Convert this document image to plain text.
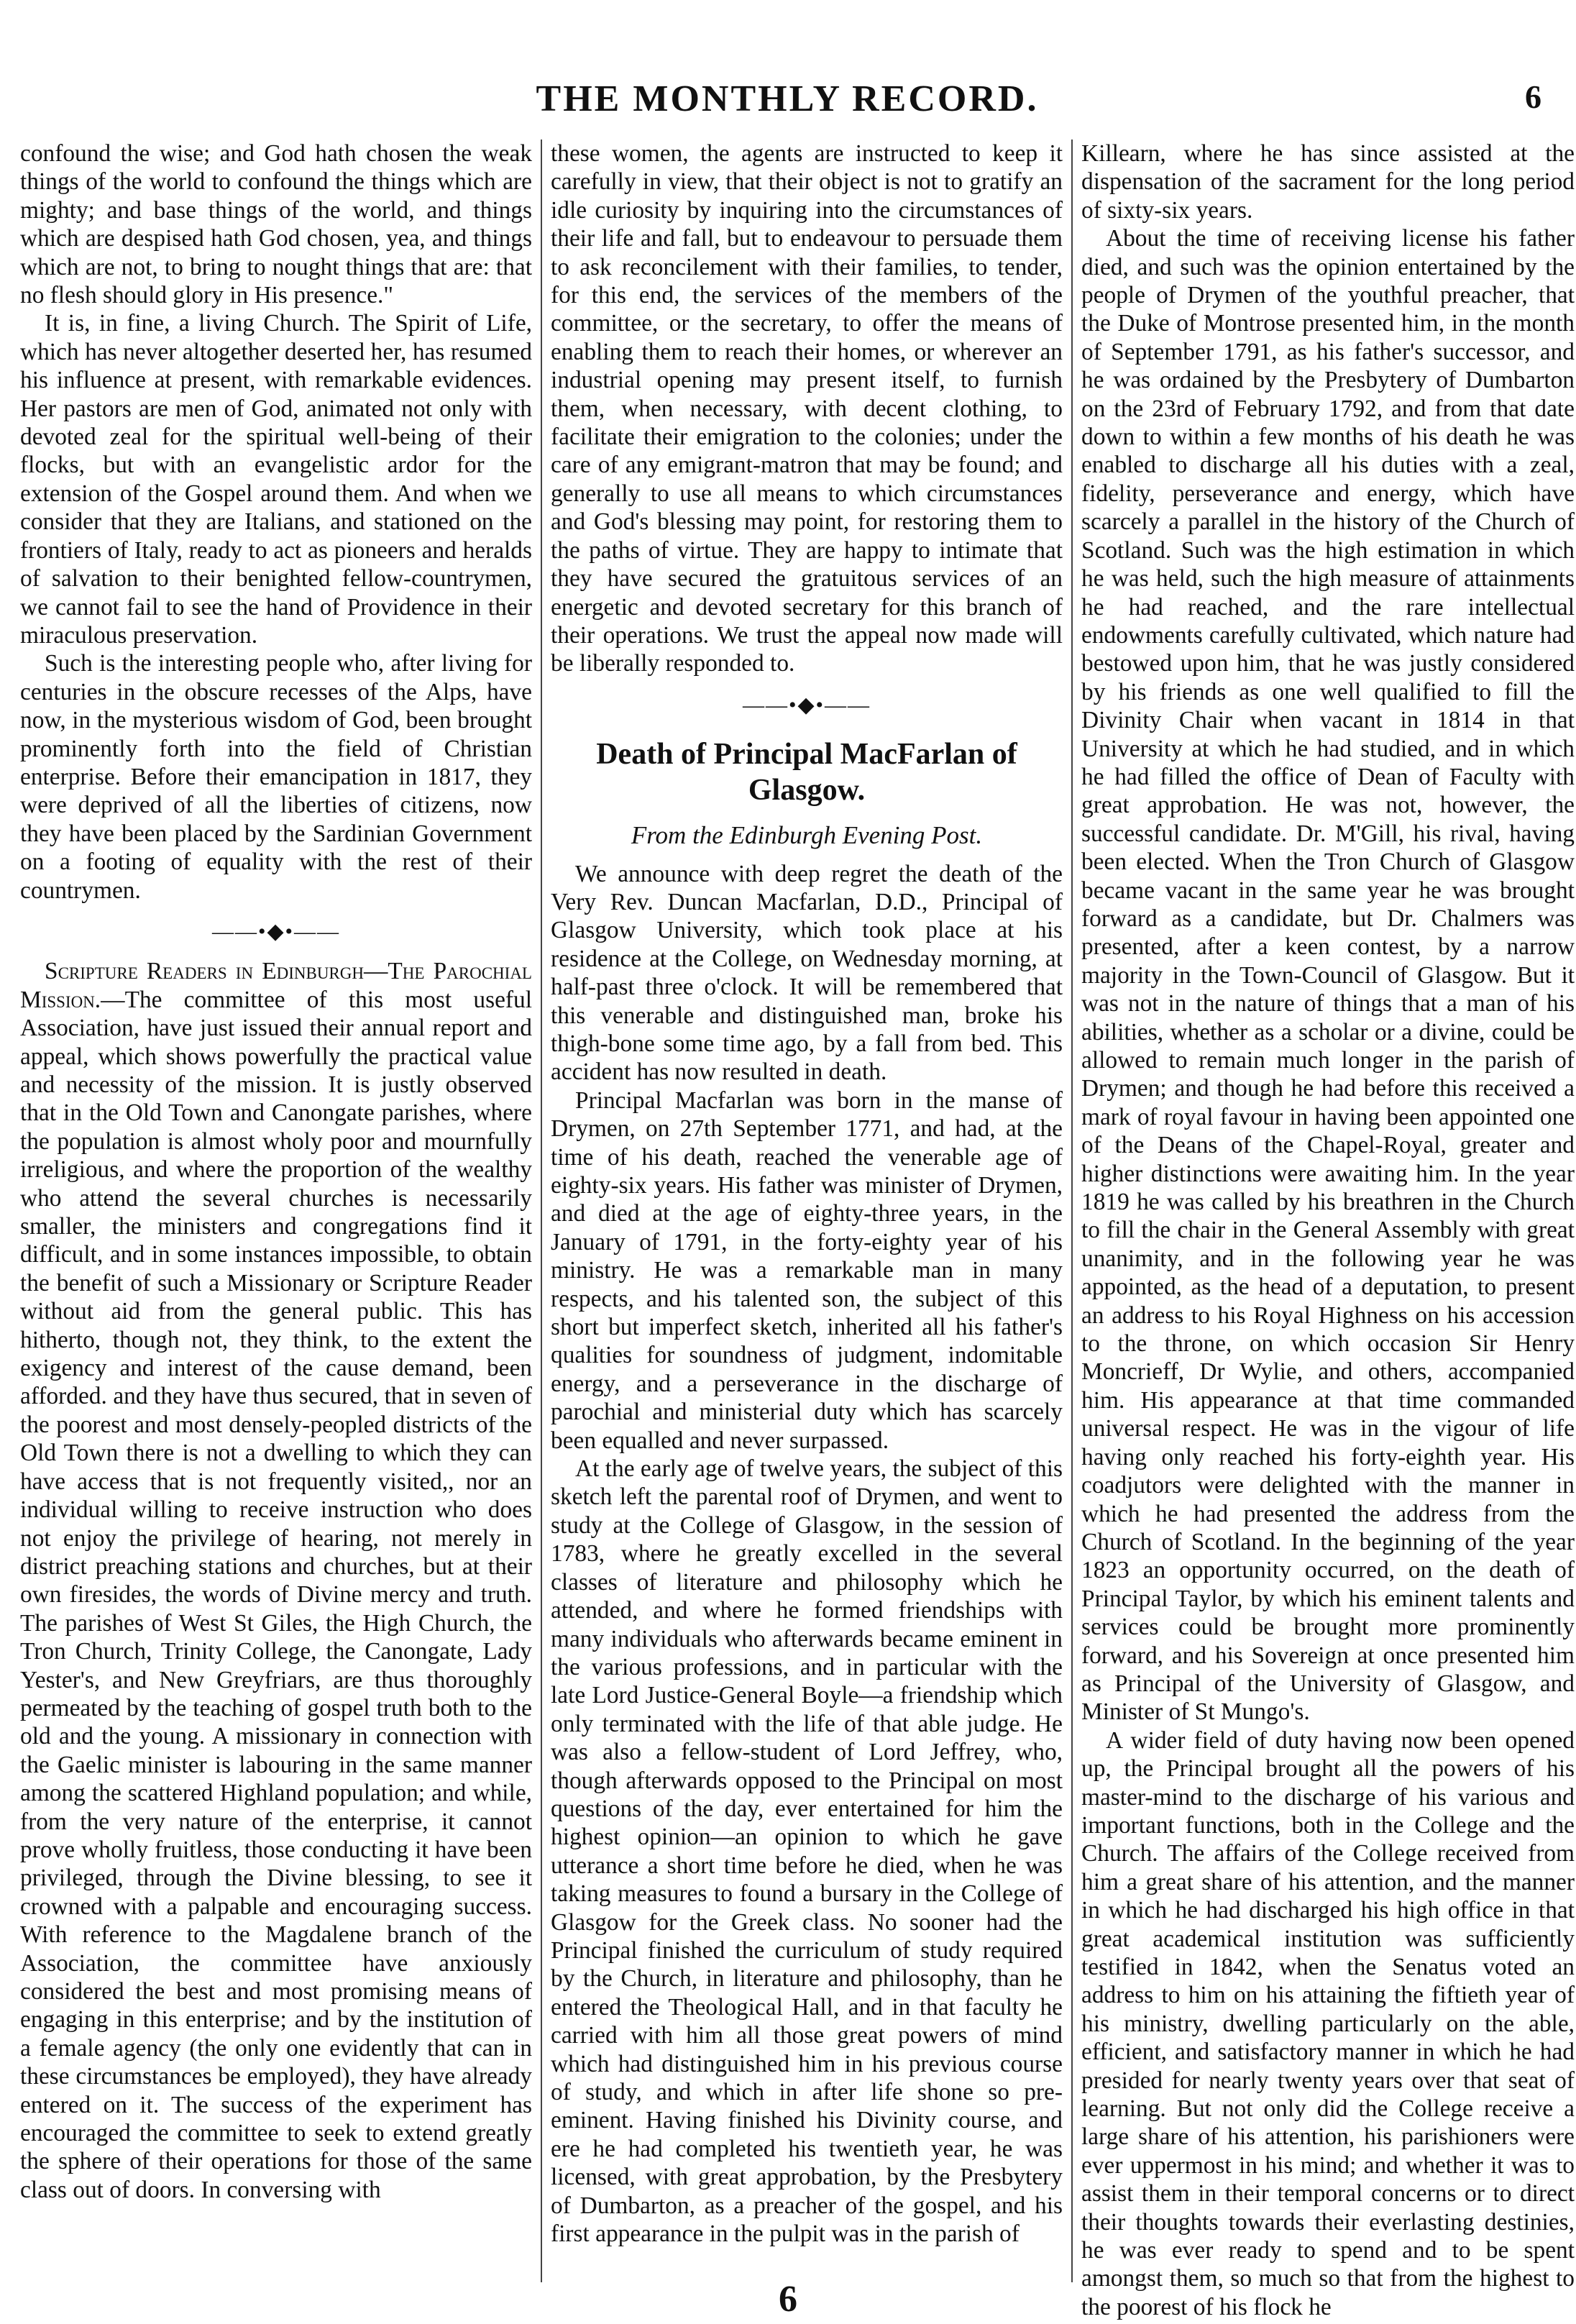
THE MONTHLY RECORD.	6

confound the wise; and God hath chosen the weak things of the world to confound the things which are mighty; and base things of the world, and things which are despised hath God chosen, yea, and things which are not, to bring to nought things that are: that no flesh should glory in His presence."

It is, in fine, a living Church. The Spirit of Life, which has never altogether deserted her, has resumed his influence at present, with remarkable evidences. Her pastors are men of God, animated not only with devoted zeal for the spiritual well-being of their flocks, but with an evangelistic ardor for the extension of the Gospel around them. And when we consider that they are Italians, and stationed on the frontiers of Italy, ready to act as pioneers and heralds of salvation to their benighted fellow-countrymen, we cannot fail to see the hand of Providence in their miraculous preservation.

Such is the interesting people who, after living for centuries in the obscure recesses of the Alps, have now, in the mysterious wisdom of God, been brought prominently forth into the field of Christian enterprise. Before their emancipation in 1817, they were deprived of all the liberties of citizens, now they have been placed by the Sardinian Government on a footing of equality with the rest of their countrymen.

——•◆•——

Scripture Readers in Edinburgh—The Parochial Mission.—The committee of this most useful Association, have just issued their annual report and appeal, which shows powerfully the practical value and necessity of the mission. It is justly observed that in the Old Town and Canongate parishes, where the population is almost wholy poor and mournfully irreligious, and where the proportion of the wealthy who attend the several churches is necessarily smaller, the ministers and congregations find it difficult, and in some instances impossible, to obtain the benefit of such a Missionary or Scripture Reader without aid from the general public. This has hitherto, though not, they think, to the extent the exigency and interest of the cause demand, been afforded. and they have thus secured, that in seven of the poorest and most densely-peopled districts of the Old Town there is not a dwelling to which they can have access that is not frequently visited,, nor an individual willing to receive instruction who does not enjoy the privilege of hearing, not merely in district preaching stations and churches, but at their own firesides, the words of Divine mercy and truth. The parishes of West St Giles, the High Church, the Tron Church, Trinity College, the Canongate, Lady Yester's, and New Greyfriars, are thus thoroughly permeated by the teaching of gospel truth both to the old and the young. A missionary in connection with the Gaelic minister is labouring in the same manner among the scattered Highland population; and while, from the very nature of the enterprise, it cannot prove wholly fruitless, those conducting it have been privileged, through the Divine blessing, to see it crowned with a palpable and encouraging success. With reference to the Magdalene branch of the Association, the committee have anxiously considered the best and most promising means of engaging in this enterprise; and by the institution of a female agency (the only one evidently that can in these circumstances be employed), they have already entered on it. The success of the experiment has encouraged the committee to seek to extend greatly the sphere of their operations for those of the same class out of doors. In conversing with

these women, the agents are instructed to keep it carefully in view, that their object is not to gratify an idle curiosity by inquiring into the circumstances of their life and fall, but to endeavour to persuade them to ask reconcilement with their families, to tender, for this end, the services of the members of the committee, or the secretary, to offer the means of enabling them to reach their homes, or wherever an industrial opening may present itself, to furnish them, when necessary, with decent clothing, to facilitate their emigration to the colonies; under the care of any emigrant-matron that may be found; and generally to use all means to which circumstances and God's blessing may point, for restoring them to the paths of virtue. They are happy to intimate that they have secured the gratuitous services of an energetic and devoted secretary for this branch of their operations. We trust the appeal now made will be liberally responded to.

——•◆•——
Death of Principal MacFarlan of Glasgow.
From the Edinburgh Evening Post.

We announce with deep regret the death of the Very Rev. Duncan Macfarlan, D.D., Principal of Glasgow University, which took place at his residence at the College, on Wednesday morning, at half-past three o'clock. It will be remembered that this venerable and distinguished man, broke his thigh-bone some time ago, by a fall from bed. This accident has now resulted in death.

Principal Macfarlan was born in the manse of Drymen, on 27th September 1771, and had, at the time of his death, reached the venerable age of eighty-six years. His father was minister of Drymen, and died at the age of eighty-three years, in the January of 1791, in the forty-eighty year of his ministry. He was a remarkable man in many respects, and his talented son, the subject of this short but imperfect sketch, inherited all his father's qualities for soundness of judgment, indomitable energy, and a perseverance in the discharge of parochial and ministerial duty which has scarcely been equalled and never surpassed.

At the early age of twelve years, the subject of this sketch left the parental roof of Drymen, and went to study at the College of Glasgow, in the session of 1783, where he greatly excelled in the several classes of literature and philosophy which he attended, and where he formed friendships with many individuals who afterwards became eminent in the various professions, and in particular with the late Lord Justice-General Boyle—a friendship which only terminated with the life of that able judge. He was also a fellow-student of Lord Jeffrey, who, though afterwards opposed to the Principal on most questions of the day, ever entertained for him the highest opinion—an opinion to which he gave utterance a short time before he died, when he was taking measures to found a bursary in the College of Glasgow for the Greek class. No sooner had the Principal finished the curriculum of study required by the Church, in literature and philosophy, than he entered the Theological Hall, and in that faculty he carried with him all those great powers of mind which had distinguished him in his previous course of study, and which in after life shone so pre-eminent. Having finished his Divinity course, and ere he had completed his twentieth year, he was licensed, with great approbation, by the Presbytery of Dumbarton, as a preacher of the gospel, and his first appearance in the pulpit was in the parish of

Killearn, where he has since assisted at the dispensation of the sacrament for the long period of sixty-six years.

About the time of receiving license his father died, and such was the opinion entertained by the people of Drymen of the youthful preacher, that the Duke of Montrose presented him, in the month of September 1791, as his father's successor, and he was ordained by the Presbytery of Dumbarton on the 23rd of February 1792, and from that date down to within a few months of his death he was enabled to discharge all his duties with a zeal, fidelity, perseverance and energy, which have scarcely a parallel in the history of the Church of Scotland. Such was the high estimation in which he was held, such the high measure of attainments he had reached, and the rare intellectual endowments carefully cultivated, which nature had bestowed upon him, that he was justly considered by his friends as one well qualified to fill the Divinity Chair when vacant in 1814 in that University at which he had studied, and in which he had filled the office of Dean of Faculty with great approbation. He was not, however, the successful candidate. Dr. M'Gill, his rival, having been elected. When the Tron Church of Glasgow became vacant in the same year he was brought forward as a candidate, but Dr. Chalmers was presented, after a keen contest, by a narrow majority in the Town-Council of Glasgow. But it was not in the nature of things that a man of his abilities, whether as a scholar or a divine, could be allowed to remain much longer in the parish of Drymen; and though he had before this received a mark of royal favour in having been appointed one of the Deans of the Chapel-Royal, greater and higher distinctions were awaiting him. In the year 1819 he was called by his breathren in the Church to fill the chair in the General Assembly with great unanimity, and in the following year he was appointed, as the head of a deputation, to present an address to his Royal Highness on his accession to the throne, on which occasion Sir Henry Moncrieff, Dr Wylie, and others, accompanied him. His appearance at that time commanded universal respect. He was in the vigour of life having only reached his forty-eighth year. His coadjutors were delighted with the manner in which he had presented the address from the Church of Scotland. In the beginning of the year 1823 an opportunity occurred, on the death of Principal Taylor, by which his eminent talents and services could be brought more prominently forward, and his Sovereign at once presented him as Principal of the University of Glasgow, and Minister of St Mungo's.

A wider field of duty having now been opened up, the Principal brought all the powers of his master-mind to the discharge of his various and important functions, both in the College and the Church. The affairs of the College received from him a great share of his attention, and the manner in which he had discharged his high office in that great academical institution was sufficiently testified in 1842, when the Senatus voted an address to him on his attaining the fiftieth year of his ministry, dwelling particularly on the able, efficient, and satisfactory manner in which he had presided for nearly twenty years over that seat of learning. But not only did the College receive a large share of his attention, his parishioners were ever uppermost in his mind; and whether it was to assist them in their temporal concerns or to direct their thoughts towards their everlasting destinies, he was ever ready to spend and to be spent amongst them, so much so that from the highest to the poorest of his flock he

6
